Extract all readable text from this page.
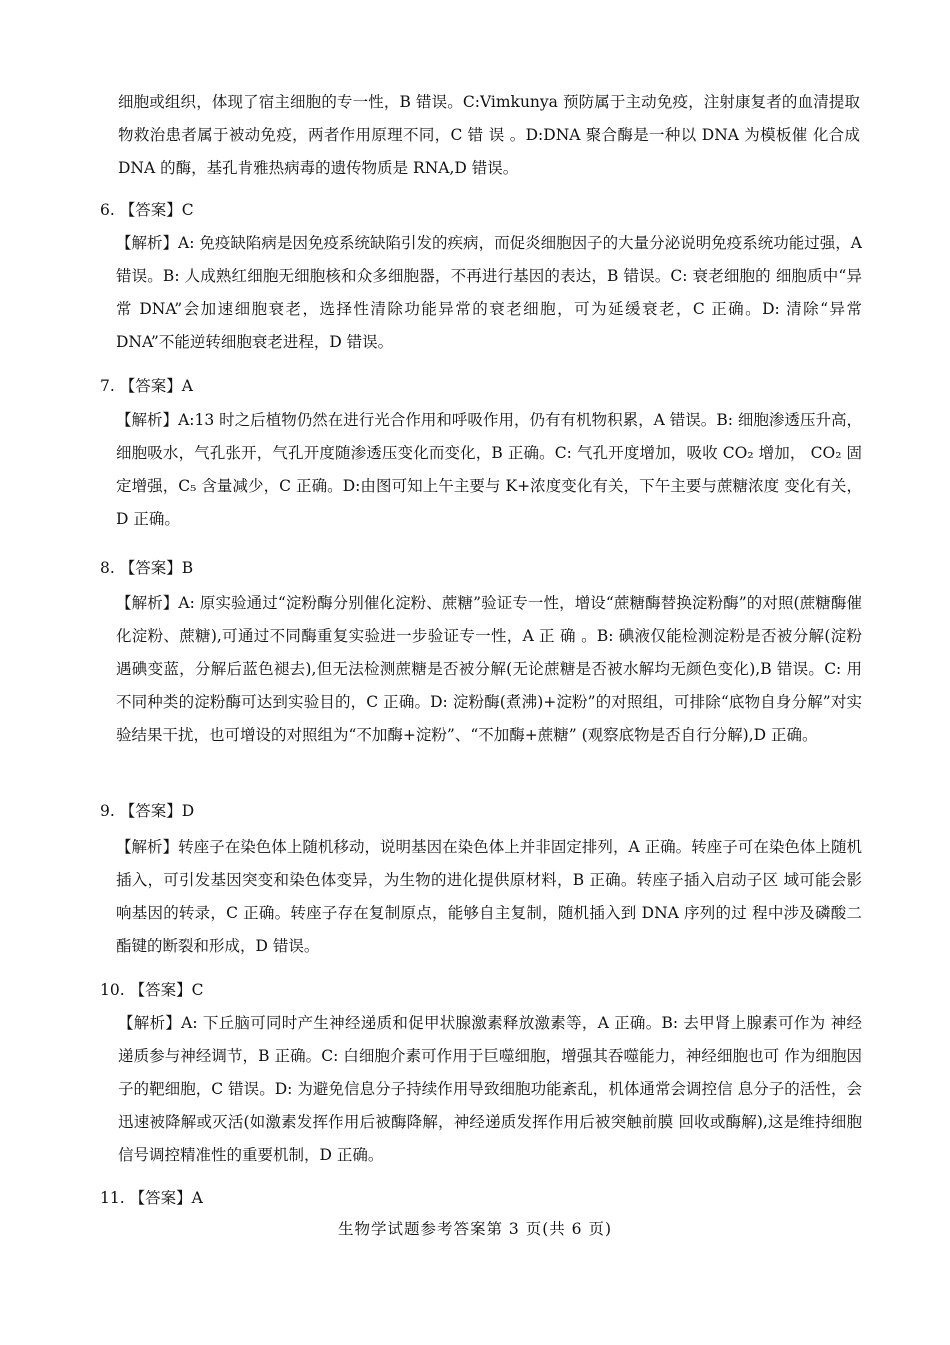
细胞或组织，体现了宿主细胞的专一性，B 错误。C:Vimkunya 预防属于主动免疫，注射康复者的血清提取物救治患者属于被动免疫，两者作用原理不同，C 错 误 。D:DNA 聚合酶是一种以 DNA 为模板催 化合成 DNA 的酶，基孔肯雅热病毒的遗传物质是 RNA,D 错误。

6. 【答案】C

【解析】A: 免疫缺陷病是因免疫系统缺陷引发的疾病，而促炎细胞因子的大量分泌说明免疫系统功能过强，A 错误。B: 人成熟红细胞无细胞核和众多细胞器，不再进行基因的表达，B 错误。C: 衰老细胞的 细胞质中“异常 DNA”会加速细胞衰老，选择性清除功能异常的衰老细胞，可为延缓衰老，C 正确。D: 清除“异常 DNA”不能逆转细胞衰老进程，D 错误。

7. 【答案】A

【解析】A:13 时之后植物仍然在进行光合作用和呼吸作用，仍有有机物积累，A 错误。B: 细胞渗透压升高，细胞吸水，气孔张开，气孔开度随渗透压变化而变化，B 正确。C: 气孔开度增加，吸收 CO₂ 增加， CO₂ 固定增强，C₅ 含量减少，C 正确。D:由图可知上午主要与 K+浓度变化有关，下午主要与蔗糖浓度 变化有关，D 正确。

8. 【答案】B

【解析】A: 原实验通过“淀粉酶分别催化淀粉、蔗糖”验证专一性，增设“蔗糖酶替换淀粉酶”的对照(蔗糖酶催化淀粉、蔗糖),可通过不同酶重复实验进一步验证专一性，A 正 确 。B: 碘液仅能检测淀粉是否被分解(淀粉遇碘变蓝，分解后蓝色褪去),但无法检测蔗糖是否被分解(无论蔗糖是否被水解均无颜色变化),B 错误。C: 用不同种类的淀粉酶可达到实验目的，C 正确。D: 淀粉酶(煮沸)+淀粉”的对照组，可排除“底物自身分解”对实验结果干扰，也可增设的对照组为“不加酶+淀粉”、“不加酶+蔗糖” (观察底物是否自行分解),D 正确。

9. 【答案】D

【解析】转座子在染色体上随机移动，说明基因在染色体上并非固定排列，A 正确。转座子可在染色体上随机插入，可引发基因突变和染色体变异，为生物的进化提供原材料，B 正确。转座子插入启动子区 域可能会影响基因的转录，C 正确。转座子存在复制原点，能够自主复制，随机插入到 DNA 序列的过 程中涉及磷酸二酯键的断裂和形成，D 错误。

10. 【答案】C

【解析】A: 下丘脑可同时产生神经递质和促甲状腺激素释放激素等，A 正确。B: 去甲肾上腺素可作为 神经递质参与神经调节，B 正确。C: 白细胞介素可作用于巨噬细胞，增强其吞噬能力，神经细胞也可 作为细胞因子的靶细胞，C 错误。D: 为避免信息分子持续作用导致细胞功能紊乱，机体通常会调控信 息分子的活性，会迅速被降解或灭活(如激素发挥作用后被酶降解，神经递质发挥作用后被突触前膜 回收或酶解),这是维持细胞信号调控精准性的重要机制，D 正确。

11. 【答案】A
生物学试题参考答案第 3 页(共 6 页)
